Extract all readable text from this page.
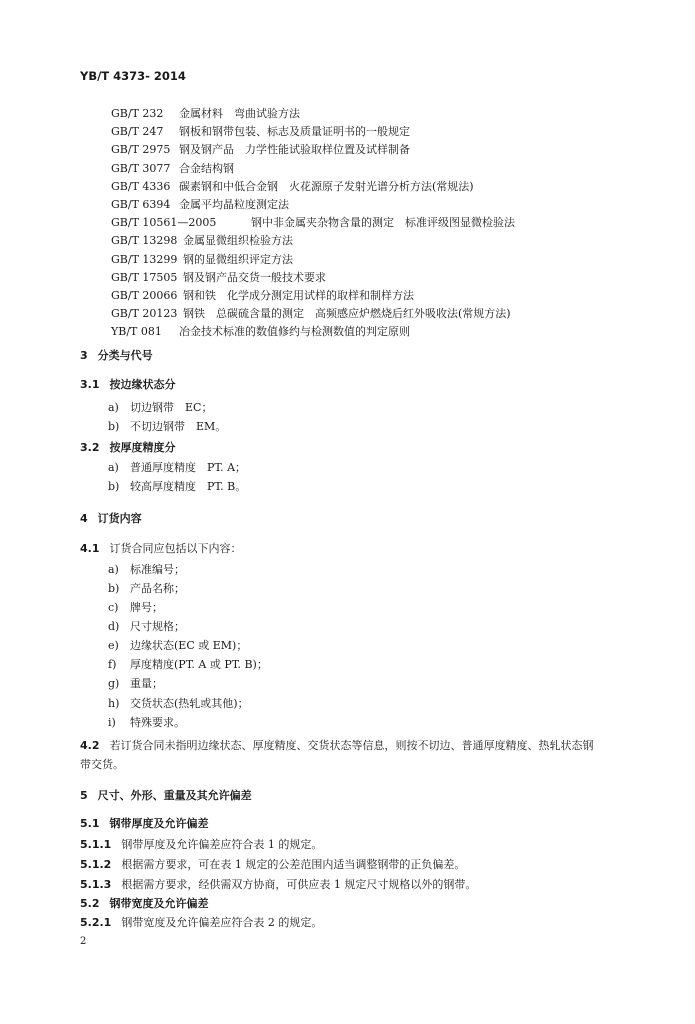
YB/T 4373- 2014
GB/T 232 金属材料　弯曲试验方法
GB/T 247 钢板和钢带包装、标志及质量证明书的一般规定
GB/T 2975 钢及钢产品　力学性能试验取样位置及试样制备
GB/T 3077 合金结构钢
GB/T 4336 碳素钢和中低合金钢　火花源原子发射光谱分析方法(常规法)
GB/T 6394 金属平均晶粒度测定法
GB/T 10561—2005	钢中非金属夹杂物含量的测定　标准评级图显微检验法
GB/T 13298 金属显微组织检验方法
GB/T 13299 钢的显微组织评定方法
GB/T 17505 钢及钢产品交货一般技术要求
GB/T 20066 钢和铁　化学成分测定用试样的取样和制样方法
GB/T 20123 钢铁　总碳硫含量的测定　高频感应炉燃烧后红外吸收法(常规方法)
YB/T 081 冶金技术标准的数值修约与检测数值的判定原则
3 分类与代号
3.1 按边缘状态分
a) 切边钢带　EC；
b) 不切边钢带　EM。
3.2 按厚度精度分
a) 普通厚度精度　PT. A；
b) 较高厚度精度　PT. B。
4 订货内容
4.1 订货合同应包括以下内容：
a) 标准编号；
b) 产品名称；
c) 牌号；
d) 尺寸规格；
e) 边缘状态(EC 或 EM)；
f) 厚度精度(PT. A 或 PT. B)；
g) 重量；
h) 交货状态(热轧或其他)；
i) 特殊要求。
4.2 若订货合同未指明边缘状态、厚度精度、交货状态等信息，则按不切边、普通厚度精度、热轧状态钢
带交货。
5 尺寸、外形、重量及其允许偏差
5.1 钢带厚度及允许偏差
5.1.1 钢带厚度及允许偏差应符合表 1 的规定。
5.1.2 根据需方要求，可在表 1 规定的公差范围内适当调整钢带的正负偏差。
5.1.3 根据需方要求，经供需双方协商，可供应表 1 规定尺寸规格以外的钢带。
5.2 钢带宽度及允许偏差
5.2.1 钢带宽度及允许偏差应符合表 2 的规定。
2
